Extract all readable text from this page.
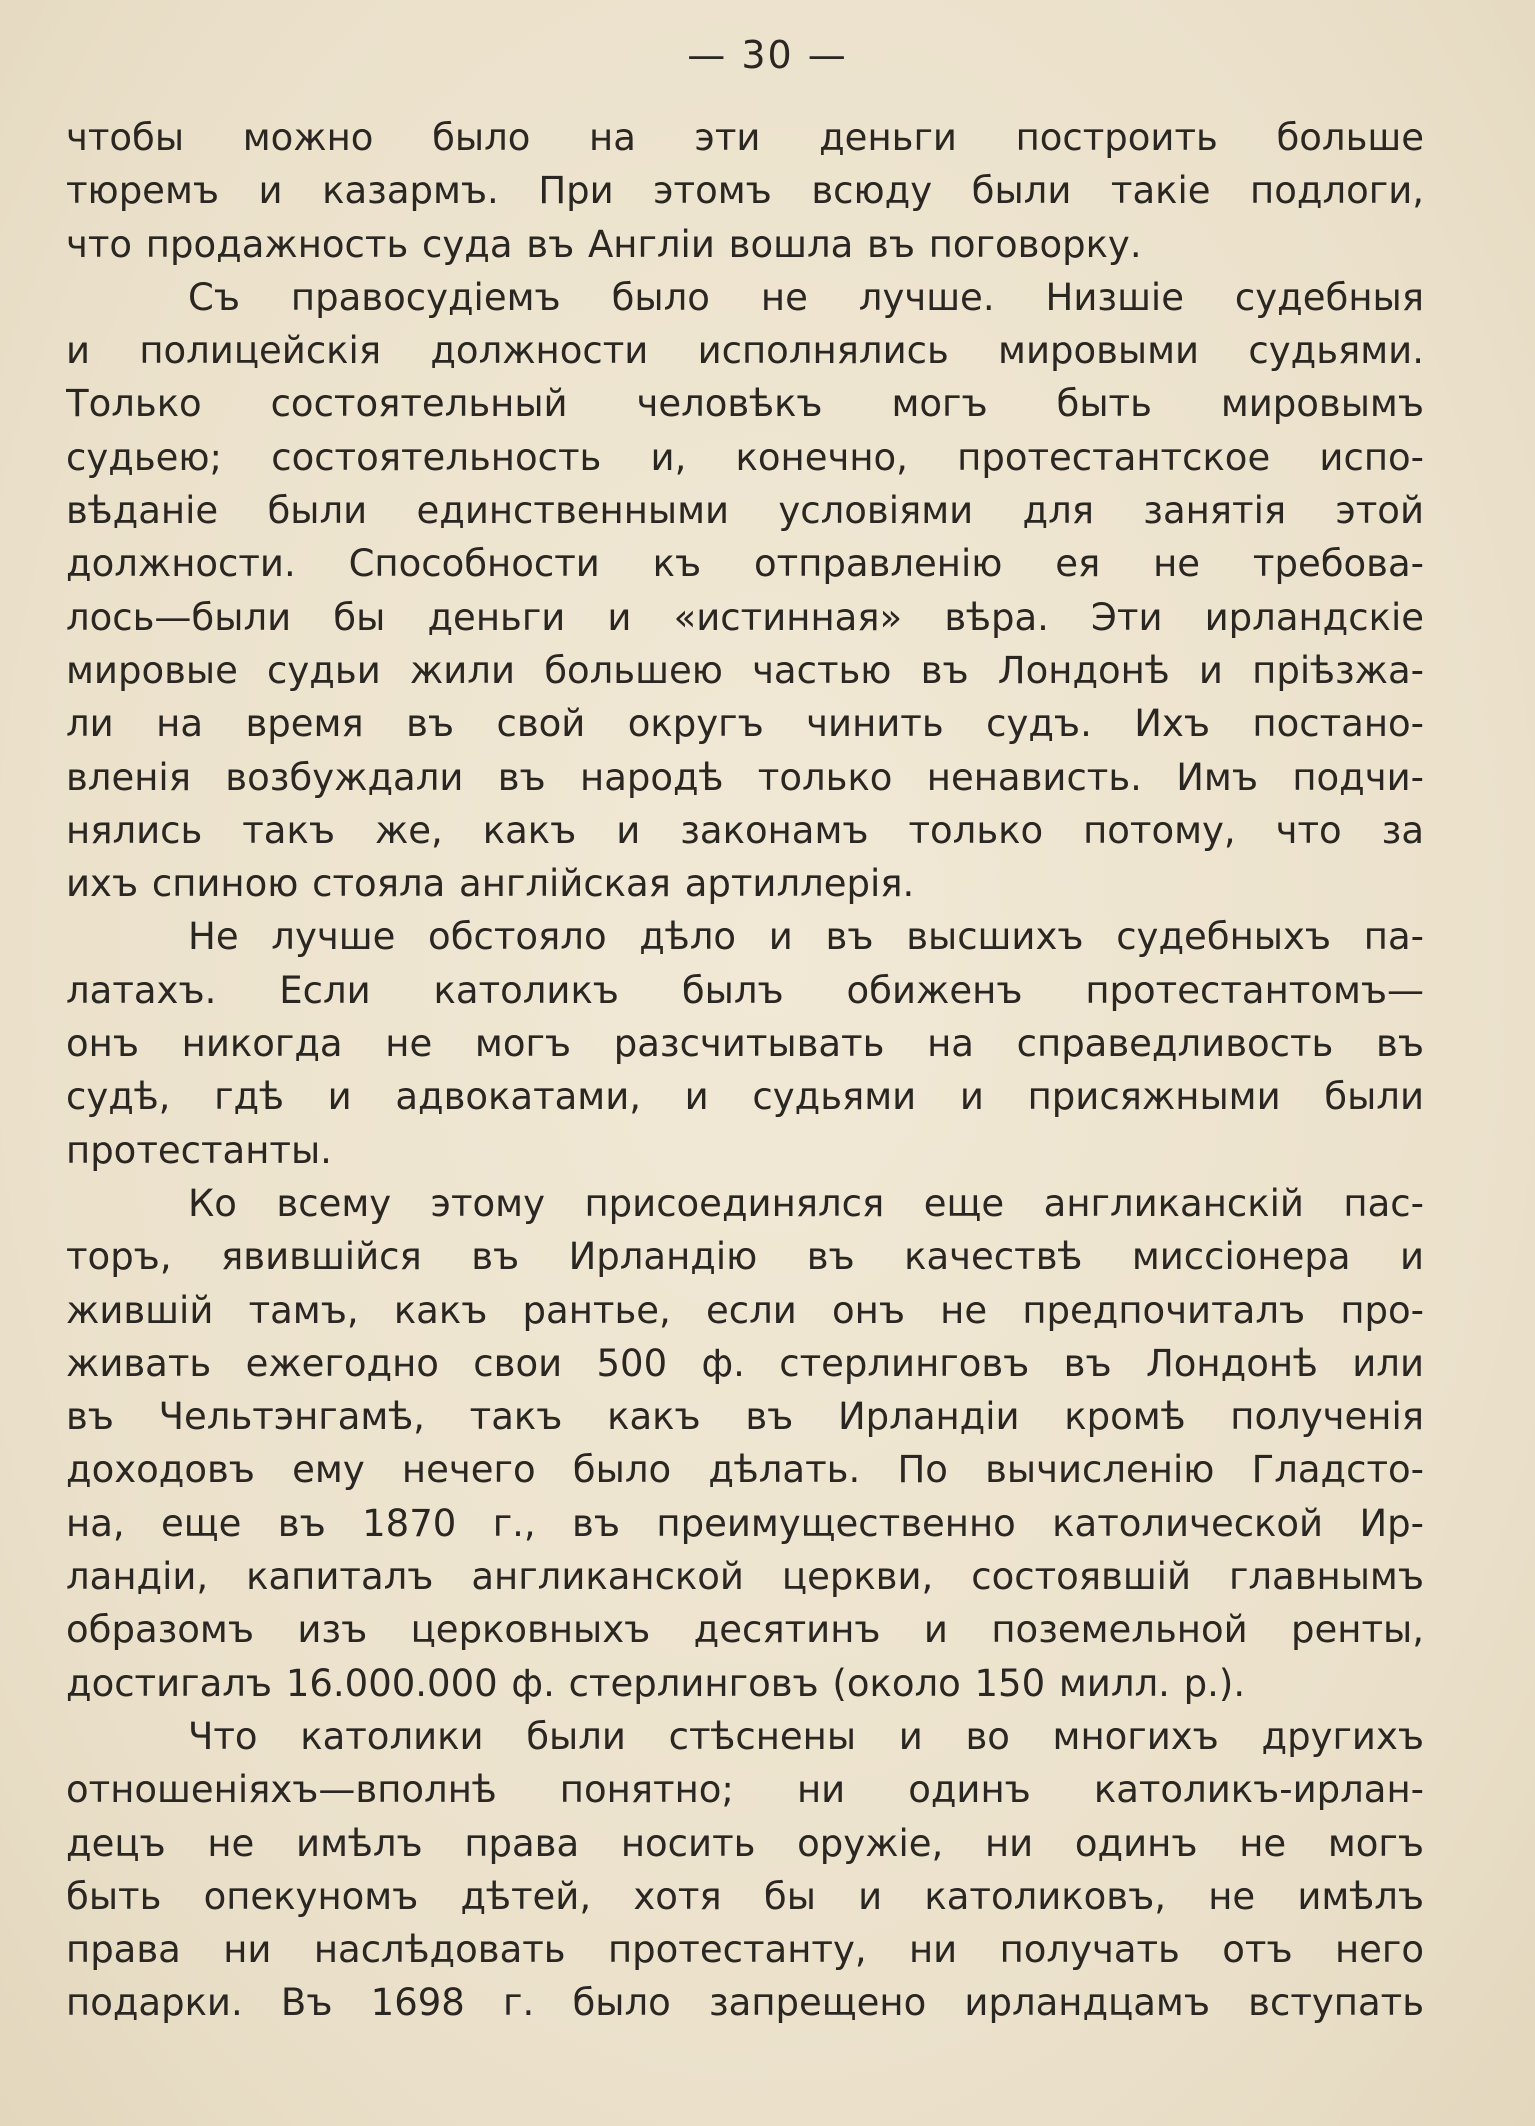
— 30 —
чтобы можно было на эти деньги построить больше
тюремъ и казармъ. При этомъ всюду были такіе подлоги,
что продажность суда въ Англіи вошла въ поговорку.
Съ правосудіемъ было не лучше. Низшіе судебныя
и полицейскія должности исполнялись мировыми судьями.
Только состоятельный человѣкъ могъ быть мировымъ
судьею; состоятельность и, конечно, протестантское испо-
вѣданіе были единственными условіями для занятія этой
должности. Способности къ отправленію ея не требова-
лось—были бы деньги и «истинная» вѣра. Эти ирландскіе
мировые судьи жили большею частью въ Лондонѣ и пріѣзжа-
ли на время въ свой округъ чинить судъ. Ихъ постано-
вленія возбуждали въ народѣ только ненависть. Имъ подчи-
нялись такъ же, какъ и законамъ только потому, что за
ихъ спиною стояла англійская артиллерія.
Не лучше обстояло дѣло и въ высшихъ судебныхъ па-
латахъ. Если католикъ былъ обиженъ протестантомъ—
онъ никогда не могъ разсчитывать на справедливость въ
судѣ, гдѣ и адвокатами, и судьями и присяжными были
протестанты.
Ко всему этому присоединялся еще англиканскій пас-
торъ, явившійся въ Ирландію въ качествѣ миссіонера и
жившій тамъ, какъ рантье, если онъ не предпочиталъ про-
живать ежегодно свои 500 ф. стерлинговъ въ Лондонѣ или
въ Чельтэнгамѣ, такъ какъ въ Ирландіи кромѣ полученія
доходовъ ему нечего было дѣлать. По вычисленію Гладсто-
на, еще въ 1870 г., въ преимущественно католической Ир-
ландіи, капиталъ англиканской церкви, состоявшій главнымъ
образомъ изъ церковныхъ десятинъ и поземельной ренты,
достигалъ 16.000.000 ф. стерлинговъ (около 150 милл. р.).
Что католики были стѣснены и во многихъ другихъ
отношеніяхъ—вполнѣ понятно; ни одинъ католикъ-ирлан-
децъ не имѣлъ права носить оружіе, ни одинъ не могъ
быть опекуномъ дѣтей, хотя бы и католиковъ, не имѣлъ
права ни наслѣдовать протестанту, ни получать отъ него
подарки. Въ 1698 г. было запрещено ирландцамъ вступать
